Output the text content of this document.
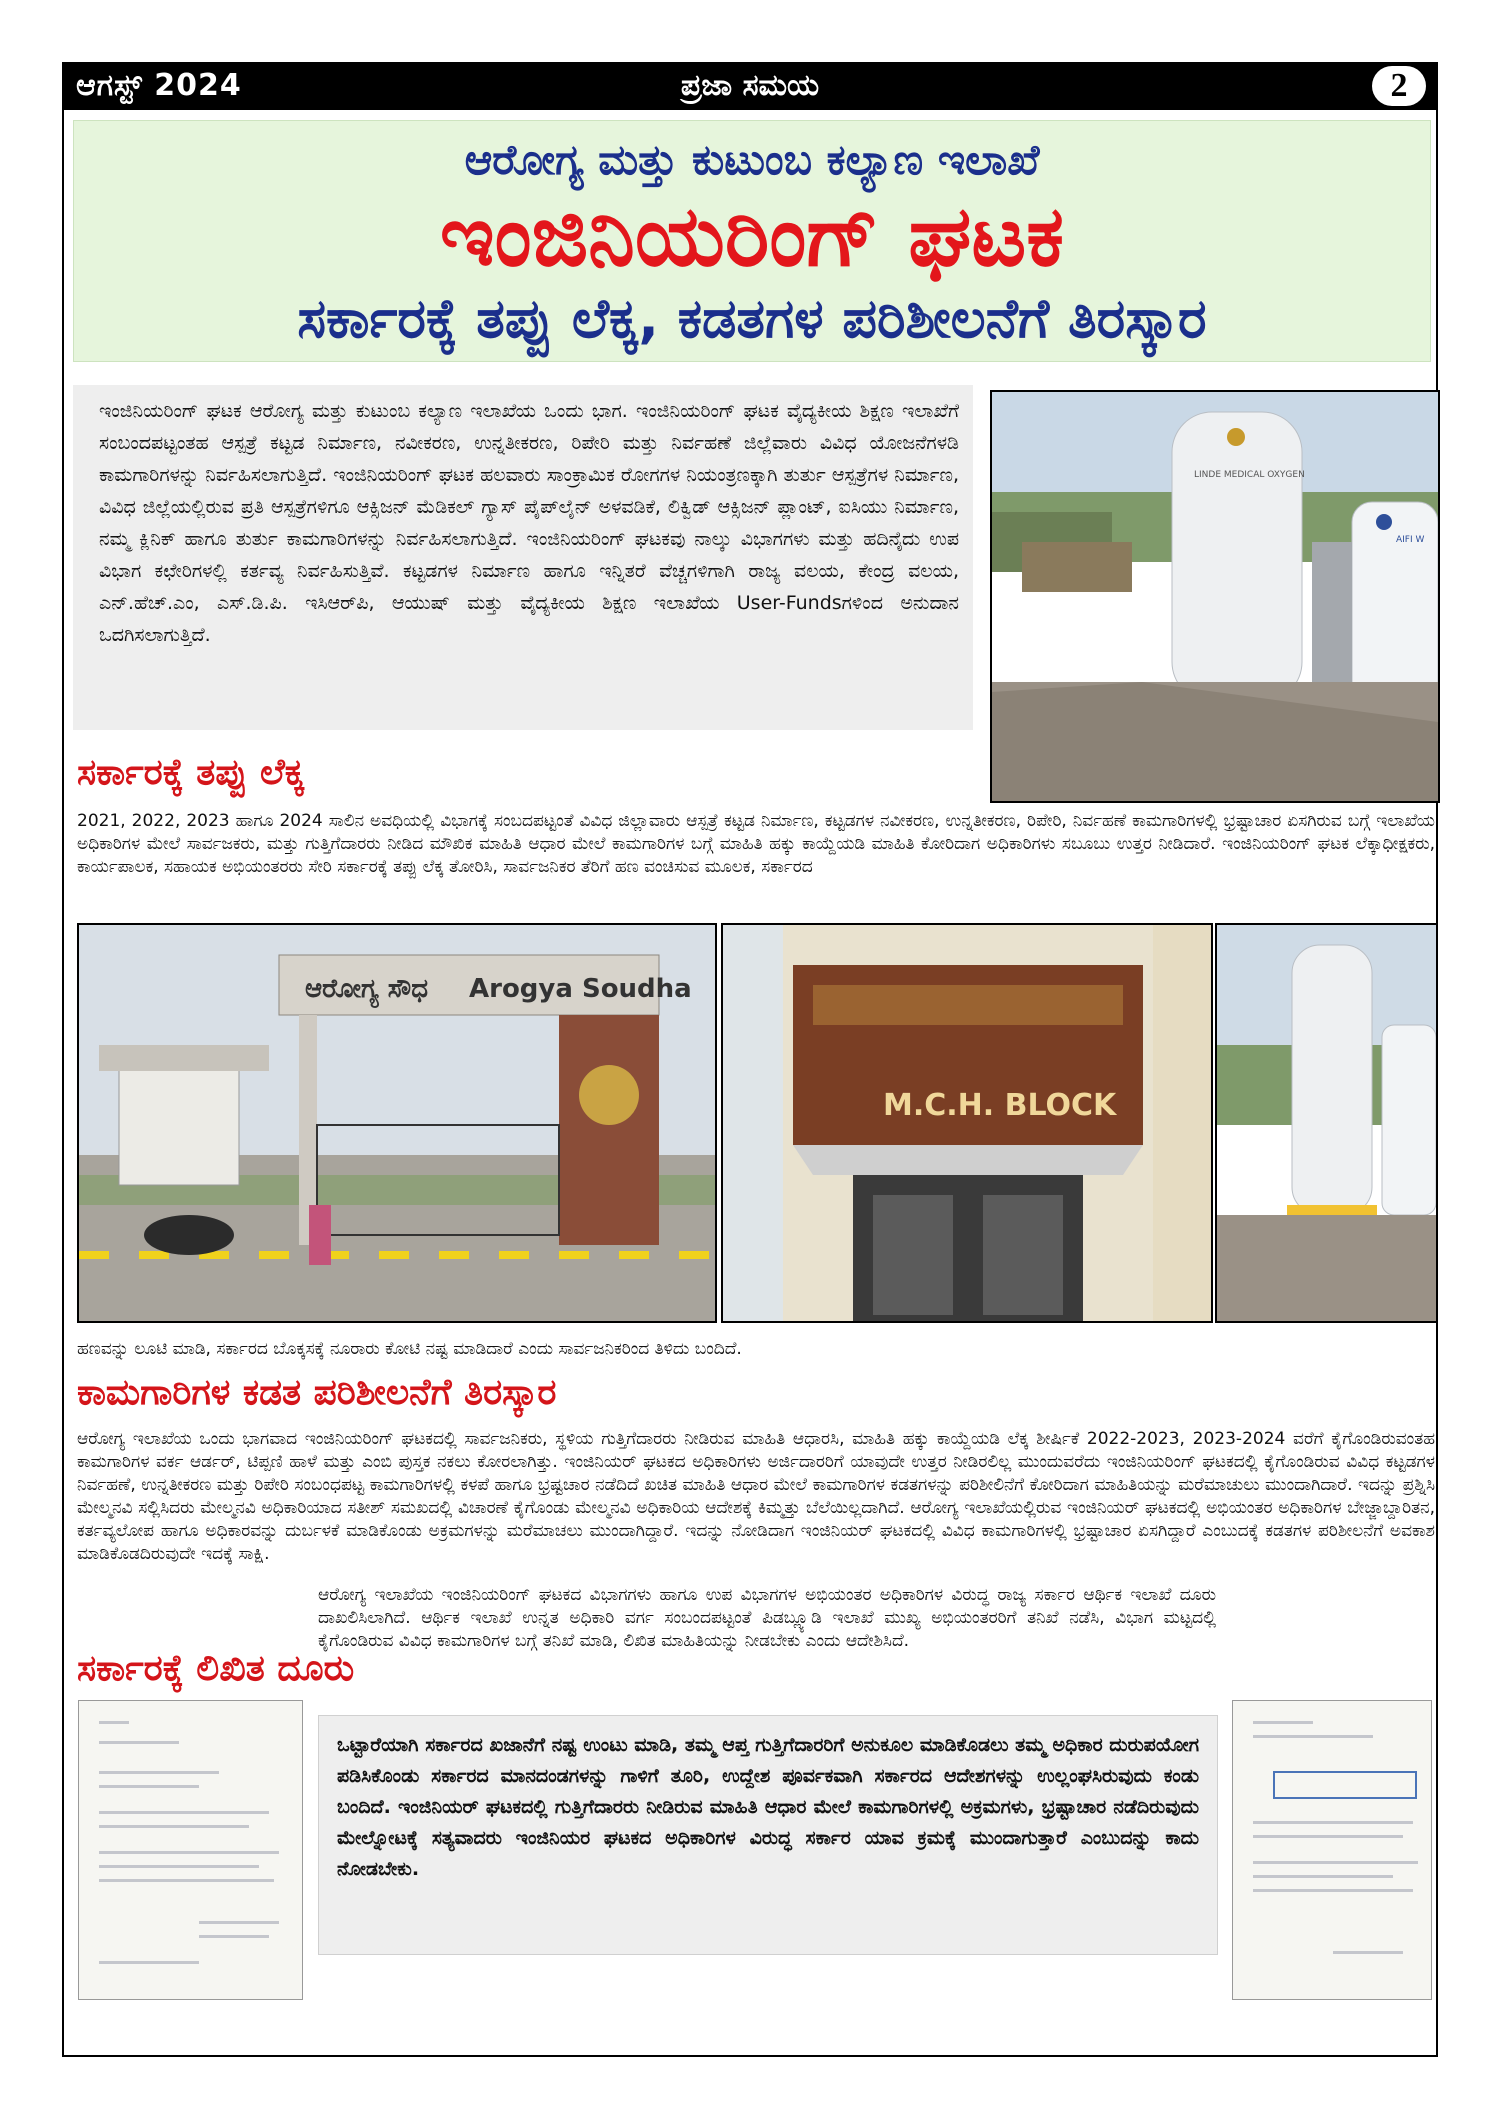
ಆಗಸ್ಟ್ 2024	ಪ್ರಜಾ ಸಮಯ	2
ಆರೋಗ್ಯ ಮತ್ತು ಕುಟುಂಬ ಕಲ್ಯಾಣ ಇಲಾಖೆ
ಇಂಜಿನಿಯರಿಂಗ್ ಘಟಕ
ಸರ್ಕಾರಕ್ಕೆ ತಪ್ಪು ಲೆಕ್ಕ, ಕಡತಗಳ ಪರಿಶೀಲನೆಗೆ ತಿರಸ್ಕಾರ

ಇಂಜಿನಿಯರಿಂಗ್ ಘಟಕ ಆರೋಗ್ಯ ಮತ್ತು ಕುಟುಂಬ ಕಲ್ಯಾಣ ಇಲಾಖೆಯ ಒಂದು ಭಾಗ. ಇಂಜಿನಿಯರಿಂಗ್ ಘಟಕ ವೈದ್ಯಕೀಯ ಶಿಕ್ಷಣ ಇಲಾಖೆಗೆ ಸಂಬಂದಪಟ್ಟಂತಹ ಆಸ್ಪತ್ರೆ ಕಟ್ಟಡ ನಿರ್ಮಾಣ, ನವೀಕರಣ, ಉನ್ನತೀಕರಣ, ರಿಪೇರಿ ಮತ್ತು ನಿರ್ವಹಣೆ ಜಿಲ್ಲೆವಾರು ವಿವಿಧ ಯೋಜನೆಗಳಡಿ ಕಾಮಗಾರಿಗಳನ್ನು ನಿರ್ವಹಿಸಲಾಗುತ್ತಿದೆ. ಇಂಜಿನಿಯರಿಂಗ್ ಘಟಕ ಹಲವಾರು ಸಾಂಕ್ರಾಮಿಕ ರೋಗಗಳ ನಿಯಂತ್ರಣಕ್ಕಾಗಿ ತುರ್ತು ಆಸ್ಪತ್ರೆಗಳ ನಿರ್ಮಾಣ, ವಿವಿಧ ಜಿಲ್ಲೆಯಲ್ಲಿರುವ ಪ್ರತಿ ಆಸ್ಪತ್ರೆಗಳಿಗೂ ಆಕ್ಸಿಜನ್ ಮೆಡಿಕಲ್ ಗ್ಯಾಸ್ ಪೈಪ್‌ಲೈನ್ ಅಳವಡಿಕೆ, ಲಿಕ್ವಿಡ್ ಆಕ್ಸಿಜನ್ ಪ್ಲಾಂಟ್, ಐಸಿಯು ನಿರ್ಮಾಣ, ನಮ್ಮ ಕ್ಲಿನಿಕ್ ಹಾಗೂ ತುರ್ತು ಕಾಮಗಾರಿಗಳನ್ನು ನಿರ್ವಹಿಸಲಾಗುತ್ತಿದೆ. ಇಂಜಿನಿಯರಿಂಗ್ ಘಟಕವು ನಾಲ್ಕು ವಿಭಾಗಗಳು ಮತ್ತು ಹದಿನೈದು ಉಪ ವಿಭಾಗ ಕಛೇರಿಗಳಲ್ಲಿ ಕರ್ತವ್ಯ ನಿರ್ವಹಿಸುತ್ತಿವೆ. ಕಟ್ಟಡಗಳ ನಿರ್ಮಾಣ ಹಾಗೂ ಇನ್ನಿತರೆ ವೆಚ್ಚಗಳಿಗಾಗಿ ರಾಜ್ಯ ವಲಯ, ಕೇಂದ್ರ ವಲಯ, ಎನ್.ಹೆಚ್.ಎಂ, ಎಸ್.ಡಿ.ಪಿ. ಇಸಿಆರ್‌ಪಿ, ಆಯುಷ್ ಮತ್ತು ವೈದ್ಯಕೀಯ ಶಿಕ್ಷಣ ಇಲಾಖೆಯ User-Fundsಗಳಿಂದ ಅನುದಾನ ಒದಗಿಸಲಾಗುತ್ತಿದೆ.

LINDE MEDICAL OXYGEN
AIFI W
ಸರ್ಕಾರಕ್ಕೆ ತಪ್ಪು ಲೆಕ್ಕ

2021, 2022, 2023 ಹಾಗೂ 2024 ಸಾಲಿನ ಅವಧಿಯಲ್ಲಿ ವಿಭಾಗಕ್ಕೆ ಸಂಬದಪಟ್ಟಂತೆ ವಿವಿಧ ಜಿಲ್ಲಾವಾರು ಆಸ್ಪತ್ರೆ ಕಟ್ಟಡ ನಿರ್ಮಾಣ, ಕಟ್ಟಡಗಳ ನವೀಕರಣ, ಉನ್ನತೀಕರಣ, ರಿಪೇರಿ, ನಿರ್ವಹಣೆ ಕಾಮಗಾರಿಗಳಲ್ಲಿ ಭ್ರಷ್ಟಾಚಾರ ಏಸಗಿರುವ ಬಗ್ಗೆ ಇಲಾಖೆಯ ಅಧಿಕಾರಿಗಳ ಮೇಲೆ ಸಾರ್ವಜಕರು, ಮತ್ತು ಗುತ್ತಿಗೆದಾರರು ನೀಡಿದ ಮೌಖಿಕ ಮಾಹಿತಿ ಆಧಾರ ಮೇಲೆ ಕಾಮಗಾರಿಗಳ ಬಗ್ಗೆ ಮಾಹಿತಿ ಹಕ್ಕು ಕಾಯ್ದೆಯಡಿ ಮಾಹಿತಿ ಕೋರಿದಾಗ ಅಧಿಕಾರಿಗಳು ಸಬೂಬು ಉತ್ತರ ನೀಡಿದಾರೆ. ಇಂಜಿನಿಯರಿಂಗ್ ಘಟಕ ಲೆಕ್ಕಾಧೀಕ್ಷಕರು, ಕಾರ್ಯಪಾಲಕ, ಸಹಾಯಕ ಅಭಿಯಂತರರು ಸೇರಿ ಸರ್ಕಾರಕ್ಕೆ ತಪ್ಪು ಲೆಕ್ಕ ತೋರಿಸಿ, ಸಾರ್ವಜನಿಕರ ತೆರಿಗೆ ಹಣ ವಂಚಿಸುವ ಮೂಲಕ, ಸರ್ಕಾರದ

ಆರೋಗ್ಯ ಸೌಧ Arogya Soudha
M.C.H. BLOCK

ಹಣವನ್ನು ಲೂಟಿ ಮಾಡಿ, ಸರ್ಕಾರದ ಬೊಕ್ಕಸಕ್ಕೆ ನೂರಾರು ಕೋಟಿ ನಷ್ಟ ಮಾಡಿದಾರೆ ಎಂದು ಸಾರ್ವಜನಿಕರಿಂದ ತಿಳಿದು ಬಂದಿದೆ.

ಕಾಮಗಾರಿಗಳ ಕಡತ ಪರಿಶೀಲನೆಗೆ ತಿರಸ್ಕಾರ

ಆರೋಗ್ಯ ಇಲಾಖೆಯ ಒಂದು ಭಾಗವಾದ ಇಂಜಿನಿಯರಿಂಗ್ ಘಟಕದಲ್ಲಿ ಸಾರ್ವಜನಿಕರು, ಸ್ಥಳಿಯ ಗುತ್ತಿಗೆದಾರರು ನೀಡಿರುವ ಮಾಹಿತಿ ಆಧಾರಸಿ, ಮಾಹಿತಿ ಹಕ್ಕು ಕಾಯ್ದೆಯಡಿ ಲೆಕ್ಕ ಶೀರ್ಷಿಕೆ 2022-2023, 2023-2024 ವರೆಗೆ ಕೈಗೊಂಡಿರುವಂತಹ ಕಾಮಗಾರಿಗಳ ವರ್ಕ ಆರ್ಡರ್, ಟಿಪ್ಪಣಿ ಹಾಳೆ ಮತ್ತು ಎಂಬಿ ಪುಸ್ತಕ ನಕಲು ಕೋರಲಾಗಿತ್ತು. ಇಂಜಿನಿಯರ್ ಘಟಕದ ಅಧಿಕಾರಿಗಳು ಅರ್ಜಿದಾರರಿಗೆ ಯಾವುದೇ ಉತ್ತರ ನೀಡಿರಲಿಲ್ಲ ಮುಂದುವರೆದು ಇಂಜಿನಿಯರಿಂಗ್ ಘಟಕದಲ್ಲಿ ಕೈಗೊಂಡಿರುವ ವಿವಿಧ ಕಟ್ಟಡಗಳ ನಿರ್ವಹಣೆ, ಉನ್ನತೀಕರಣ ಮತ್ತು ರಿಪೇರಿ ಸಂಬಂಧಪಟ್ಟ ಕಾಮಗಾರಿಗಳಲ್ಲಿ ಕಳಪೆ ಹಾಗೂ ಭ್ರಷ್ಟಚಾರ ನಡೆದಿದೆ ಖಚಿತ ಮಾಹಿತಿ ಆಧಾರ ಮೇಲೆ ಕಾಮಗಾರಿಗಳ ಕಡತಗಳನ್ನು ಪರಿಶೀಲಿನೆಗೆ ಕೋರಿದಾಗ ಮಾಹಿತಿಯನ್ನು ಮರೆಮಾಚುಲು ಮುಂದಾಗಿದಾರೆ. ಇದನ್ನು ಪ್ರಶ್ನಿಸಿ ಮೇಲ್ಮನವಿ ಸಲ್ಲಿಸಿದರು ಮೇಲ್ಮನವಿ ಅಧಿಕಾರಿಯಾದ ಸತೀಶ್ ಸಮಖದಲ್ಲಿ ವಿಚಾರಣೆ ಕೈಗೊಂಡು ಮೇಲ್ಮನವಿ ಅಧಿಕಾರಿಯ ಆದೇಶಕ್ಕೆ ಕಿಮ್ಮತ್ತು ಬೆಲೆಯಿಲ್ಲದಾಗಿದೆ. ಆರೋಗ್ಯ ಇಲಾಖೆಯಲ್ಲಿರುವ ಇಂಜಿನಿಯರ್ ಘಟಕದಲ್ಲಿ ಅಭಿಯಂತರ ಅಧಿಕಾರಿಗಳ ಬೇಜ್ಜಾಬ್ದಾರಿತನ, ಕರ್ತವ್ಯಲೋಪ ಹಾಗೂ ಅಧಿಕಾರವನ್ನು ದುರ್ಬಳಕೆ ಮಾಡಿಕೊಂಡು ಅಕ್ರಮಗಳನ್ನು ಮರೆಮಾಚಲು ಮುಂದಾಗಿದ್ದಾರೆ. ಇದನ್ನು ನೋಡಿದಾಗ ಇಂಜಿನಿಯರ್ ಘಟಕದಲ್ಲಿ ವಿವಿಧ ಕಾಮಗಾರಿಗಳಲ್ಲಿ ಭ್ರಷ್ಟಾಚಾರ ಏಸಗಿದ್ದಾರೆ ಎಂಬುದಕ್ಕೆ ಕಡತಗಳ ಪರಿಶೀಲನೆಗೆ ಅವಕಾಶ ಮಾಡಿಕೊಡದಿರುವುದೇ ಇದಕ್ಕೆ ಸಾಕ್ಷಿ.

ಸರ್ಕಾರಕ್ಕೆ ಲಿಖಿತ ದೂರು

ಆರೋಗ್ಯ ಇಲಾಖೆಯ ಇಂಜಿನಿಯರಿಂಗ್ ಘಟಕದ ವಿಭಾಗಗಳು ಹಾಗೂ ಉಪ ವಿಭಾಗಗಳ ಅಭಿಯಂತರ ಅಧಿಕಾರಿಗಳ ವಿರುದ್ಧ ರಾಜ್ಯ ಸರ್ಕಾರ ಆರ್ಥಿಕ ಇಲಾಖೆ ದೂರು ದಾಖಲಿಸಿಲಾಗಿದೆ. ಆರ್ಥಿಕ ಇಲಾಖೆ ಉನ್ನತ ಅಧಿಕಾರಿ ವರ್ಗ ಸಂಬಂದಪಟ್ಟಂತೆ ಪಿಡಬ್ಲ್ಯೂಡಿ ಇಲಾಖೆ ಮುಖ್ಯ ಅಭಿಯಂತರರಿಗೆ ತನಿಖೆ ನಡೆಸಿ, ವಿಭಾಗ ಮಟ್ಟದಲ್ಲಿ ಕೈಗೊಂಡಿರುವ ವಿವಿಧ ಕಾಮಗಾರಿಗಳ ಬಗ್ಗೆ ತನಿಖೆ ಮಾಡಿ, ಲಿಖಿತ ಮಾಹಿತಿಯನ್ನು ನೀಡಬೇಕು ಎಂದು ಆದೇಶಿಸಿದೆ.

ಒಟ್ಟಾರೆಯಾಗಿ ಸರ್ಕಾರದ ಖಜಾನೆಗೆ ನಷ್ಟ ಉಂಟು ಮಾಡಿ, ತಮ್ಮ ಆಪ್ತ ಗುತ್ತಿಗೆದಾರರಿಗೆ ಅನುಕೂಲ ಮಾಡಿಕೊಡಲು ತಮ್ಮ ಅಧಿಕಾರ ದುರುಪಯೋಗ ಪಡಿಸಿಕೊಂಡು ಸರ್ಕಾರದ ಮಾನದಂಡಗಳನ್ನು ಗಾಳಿಗೆ ತೂರಿ, ಉದ್ದೇಶ ಪೂರ್ವಕವಾಗಿ ಸರ್ಕಾರದ ಆದೇಶಗಳನ್ನು ಉಲ್ಲಂಘಸಿರುವುದು ಕಂಡು ಬಂದಿದೆ. ಇಂಜಿನಿಯರ್ ಘಟಕದಲ್ಲಿ ಗುತ್ತಿಗೆದಾರರು ನೀಡಿರುವ ಮಾಹಿತಿ ಆಧಾರ ಮೇಲೆ ಕಾಮಗಾರಿಗಳಲ್ಲಿ ಅಕ್ರಮಗಳು, ಭ್ರಷ್ಟಾಚಾರ ನಡೆದಿರುವುದು ಮೇಲ್ನೋಟಕ್ಕೆ ಸತ್ಯವಾದರು ಇಂಜಿನಿಯರ ಘಟಕದ ಅಧಿಕಾರಿಗಳ ವಿರುದ್ಧ ಸರ್ಕಾರ ಯಾವ ಕ್ರಮಕ್ಕೆ ಮುಂದಾಗುತ್ತಾರೆ ಎಂಬುದನ್ನು ಕಾದು ನೋಡಬೇಕು.
